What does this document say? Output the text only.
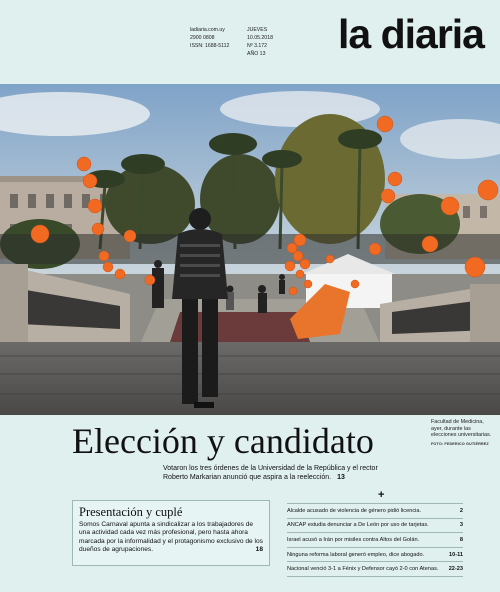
ladiaria.com.uy
2900 0808
ISSN: 1688-5112
JUEVES
10.05.2018
Nº 3.172
AÑO 13 la diaria
Facultad de Medicina, ayer, durante las elecciones universitarias.
FOTO: FEDERICO GUTIÉRREZ
Elección y candidato
Votaron los tres órdenes de la Universidad de la República y el rector Roberto Markarian anunció que aspira a la reelección. 13
Presentación y cuplé
Somos Carnaval apunta a sindicalizar a los trabajadores de una actividad cada vez más profesional, pero hasta ahora marcada por la informalidad y el protagonismo exclusivo de los dueños de agrupaciones.	18
+
Alcalde acusado de violencia de género pidió licencia.	2
ANCAP estudia denunciar a De León por uso de tarjetas.	3
Israel acusó a Irán por misiles contra Altos del Golán.	8
Ninguna reforma laboral generó empleo, dice abogado.	10-11
Nacional venció 3-1 a Fénix y Defensor cayó 2-0 con Atenas. 22-23
